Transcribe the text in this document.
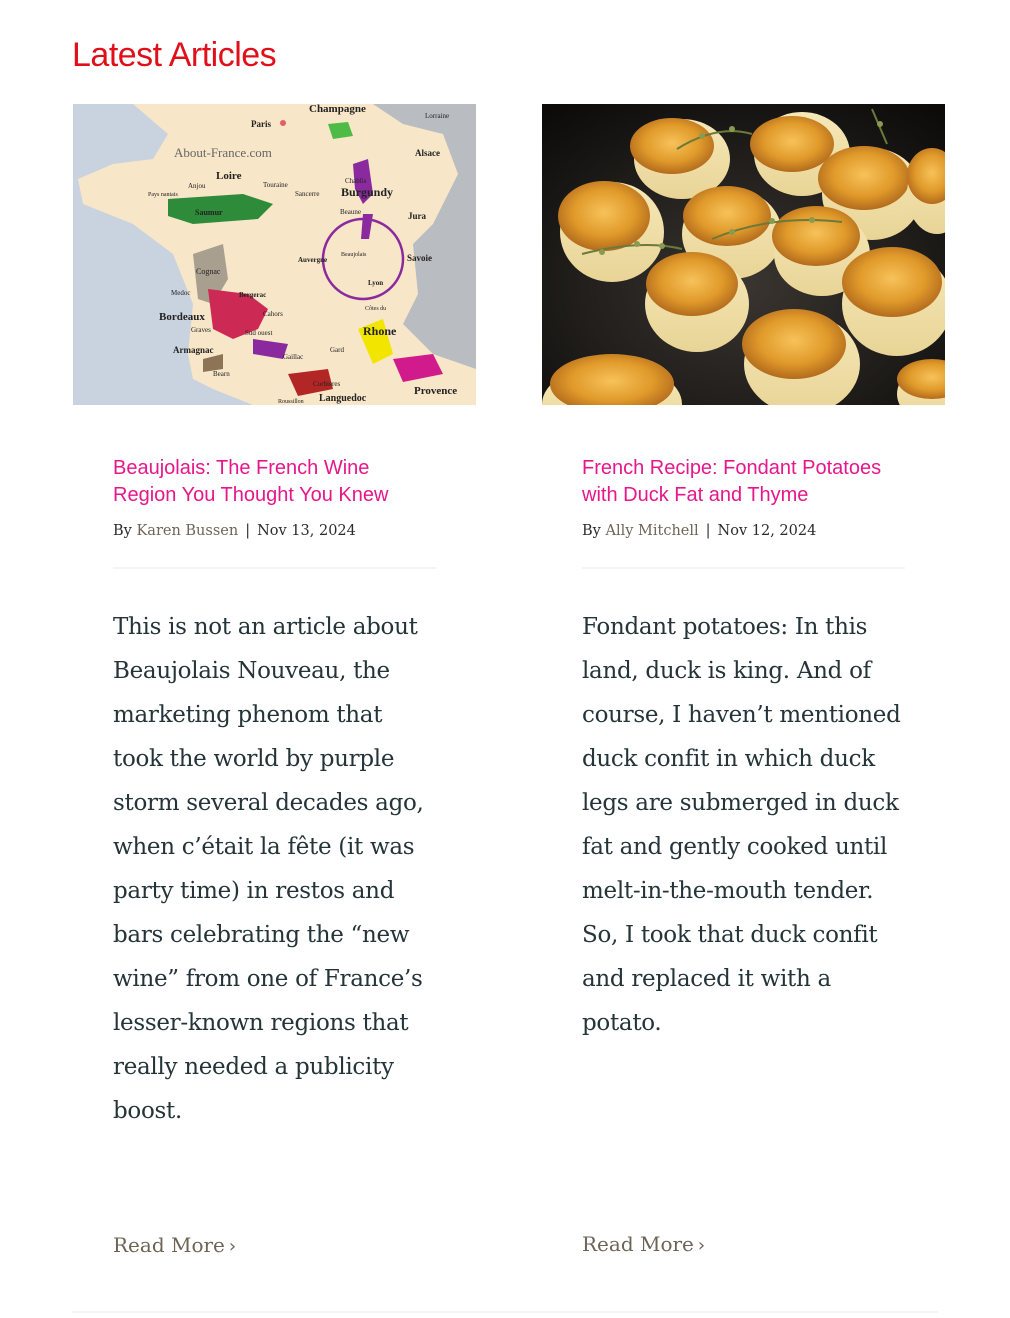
Latest Articles
Champagne
Paris
Lorraine
About-France.com	Alsace
Loire
Anjou	Touraine	Chablis
Sancerre Burgundy
Pays nantais
Saumur	Beaune	Jura
Auvergne
Beaujolais	Savoie
Cognac
Lyon
Medoc	Bergerac
Bordeaux	Cahors
Côtes du
Rhone
Graves	Sud ouest
Armagnac
Gaillac
Gard
Bearn
Corbieres
Roussillon Languedoc
Provence
Beaujolais: The French Wine Region You Thought You Knew
By Karen Bussen | Nov 13, 2024

This is not an article about Beaujolais Nouveau, the marketing phenom that took the world by purple storm several decades ago, when c’était la fête (it was party time) in restos and bars celebrating the “new wine” from one of France’s lesser-known regions that really needed a publicity boost.

Read More ›
French Recipe: Fondant Potatoes with Duck Fat and Thyme
By Ally Mitchell | Nov 12, 2024

Fondant potatoes: In this land, duck is king. And of course, I haven’t mentioned duck confit in which duck legs are submerged in duck fat and gently cooked until melt-in-the-mouth tender. So, I took that duck confit and replaced it with a potato.

Read More ›
